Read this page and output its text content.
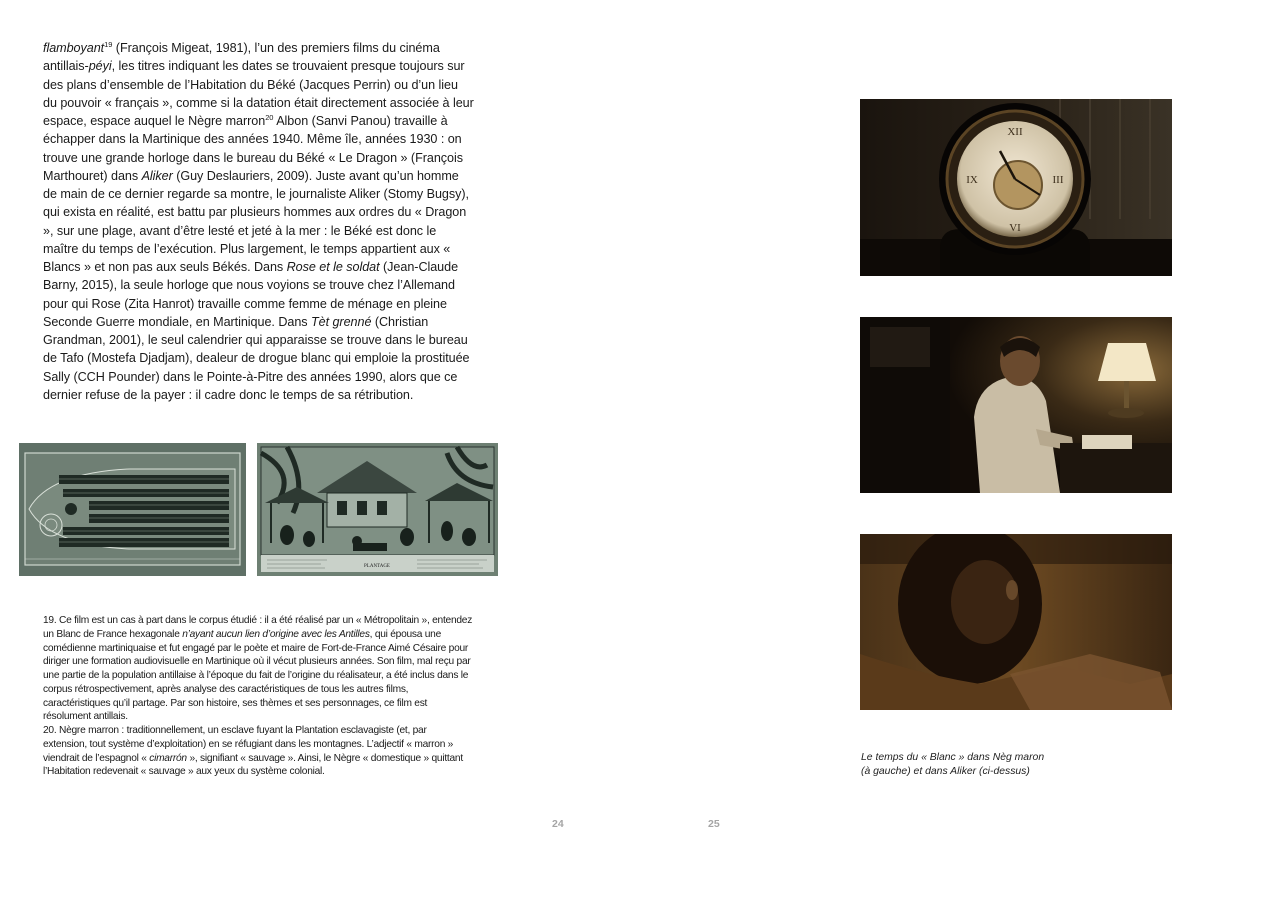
flamboyant$^{19}$ (François Migeat, 1981), l’un des premiers films du cinéma antillais-péyi, les titres indiquant les dates se trouvaient presque toujours sur des plans d’ensemble de l’Habitation du Béké (Jacques Perrin) ou d’un lieu du pouvoir « français », comme si la datation était directement associée à leur espace, espace auquel le Nègre marron$^{20}$ Albon (Sanvi Panou) travaille à échapper dans la Martinique des années 1940. Même île, années 1930 : on trouve une grande horloge dans le bureau du Béké « Le Dragon » (François Marthouret) dans Aliker (Guy Deslauriers, 2009). Juste avant qu’un homme de main de ce dernier regarde sa montre, le journaliste Aliker (Stomy Bugsy), qui exista en réalité, est battu par plusieurs hommes aux ordres du « Dragon », sur une plage, avant d’être lesté et jeté à la mer : le Béké est donc le maître du temps de l’exécution. Plus largement, le temps appartient aux « Blancs » et non pas aux seuls Békés. Dans Rose et le soldat (Jean-Claude Barny, 2015), la seule horloge que nous voyions se trouve chez l’Allemand pour qui Rose (Zita Hanrot) travaille comme femme de ménage en pleine Seconde Guerre mondiale, en Martinique. Dans Tèt grenné (Christian Grandman, 2001), le seul calendrier qui apparaisse se trouve dans le bureau de Tafo (Mostefa Djadjam), dealeur de drogue blanc qui emploie la prostituée Sally (CCH Pounder) dans le Pointe-à-Pitre des années 1990, alors que ce dernier refuse de la payer : il cadre donc le temps de sa rétribution.

PLANTAGE

19. Ce film est un cas à part dans le corpus étudié : il a été réalisé par un « Métropolitain », entendez un Blanc de France hexagonale n’ayant aucun lien d’origine avec les Antilles, qui épousa une comédienne martiniquaise et fut engagé par le poète et maire de Fort-de-France Aimé Césaire pour diriger une formation audiovisuelle en Martinique où il vécut plusieurs années. Son film, mal reçu par une partie de la population antillaise à l’époque du fait de l’origine du réalisateur, a été inclus dans le corpus rétrospectivement, après analyse des caractéristiques de tous les autres films, caractéristiques qu’il partage. Par son histoire, ses thèmes et ses personnages, ce film est résolument antillais.

20. Nègre marron : traditionnellement, un esclave fuyant la Plantation esclavagiste (et, par extension, tout système d’exploitation) en se réfugiant dans les montagnes. L’adjectif « marron » viendrait de l’espagnol « cimarrón », signifiant « sauvage ». Ainsi, le Nègre « domestique » quittant l’Habitation redevenait « sauvage » aux yeux du système colonial.

24
XII
III
VI
IX

Le temps du « Blanc » dans Nèg maron

(à gauche) et dans Aliker (ci-dessus)

25
